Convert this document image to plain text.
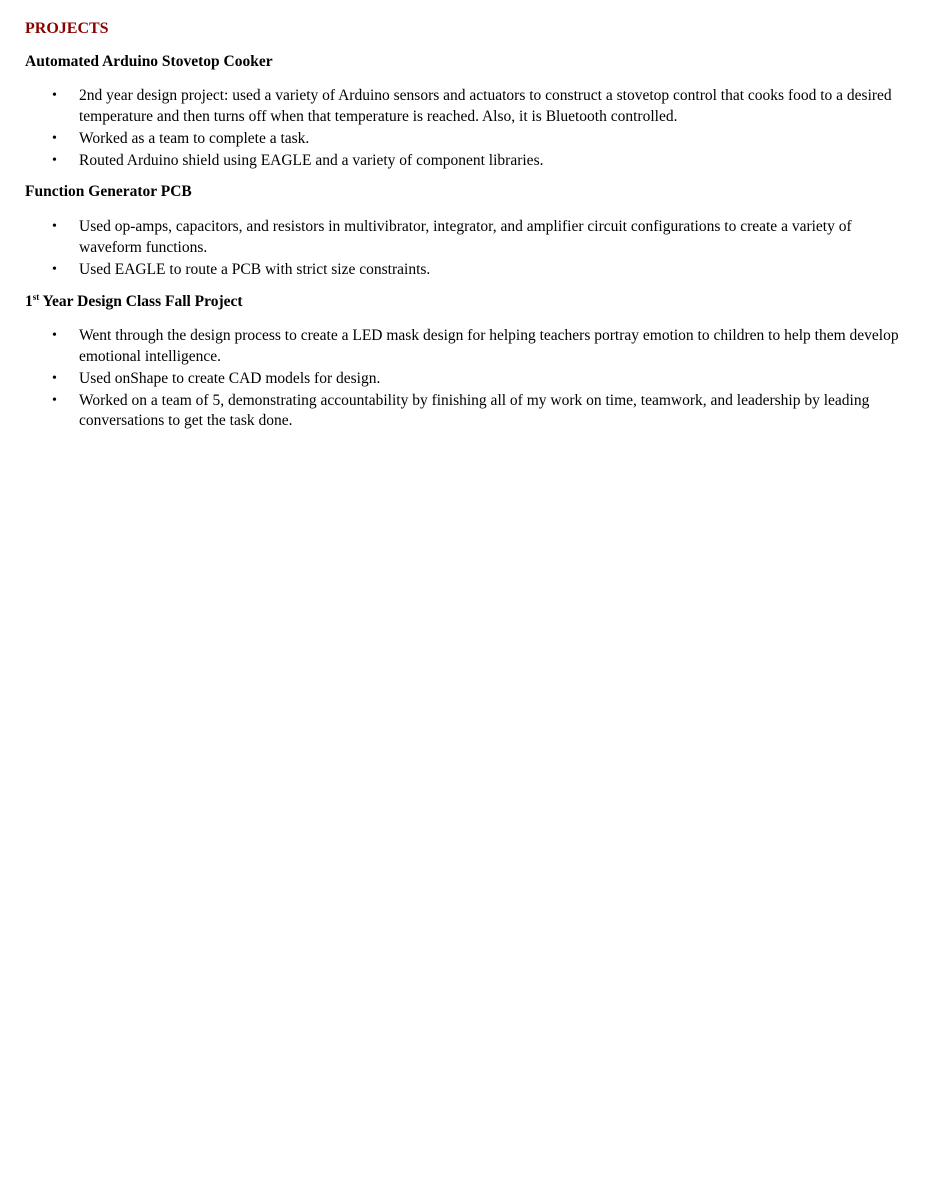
PROJECTS
Automated Arduino Stovetop Cooker
• 2nd year design project: used a variety of Arduino sensors and actuators to construct a stovetop control that cooks food to a desired temperature and then turns off when that temperature is reached. Also, it is Bluetooth controlled.
• Worked as a team to complete a task.
• Routed Arduino shield using EAGLE and a variety of component libraries.
Function Generator PCB
• Used op-amps, capacitors, and resistors in multivibrator, integrator, and amplifier circuit configurations to create a variety of waveform functions.
• Used EAGLE to route a PCB with strict size constraints.
1st Year Design Class Fall Project
• Went through the design process to create a LED mask design for helping teachers portray emotion to children to help them develop emotional intelligence.
• Used onShape to create CAD models for design.
• Worked on a team of 5, demonstrating accountability by finishing all of my work on time, teamwork, and leadership by leading conversations to get the task done.
